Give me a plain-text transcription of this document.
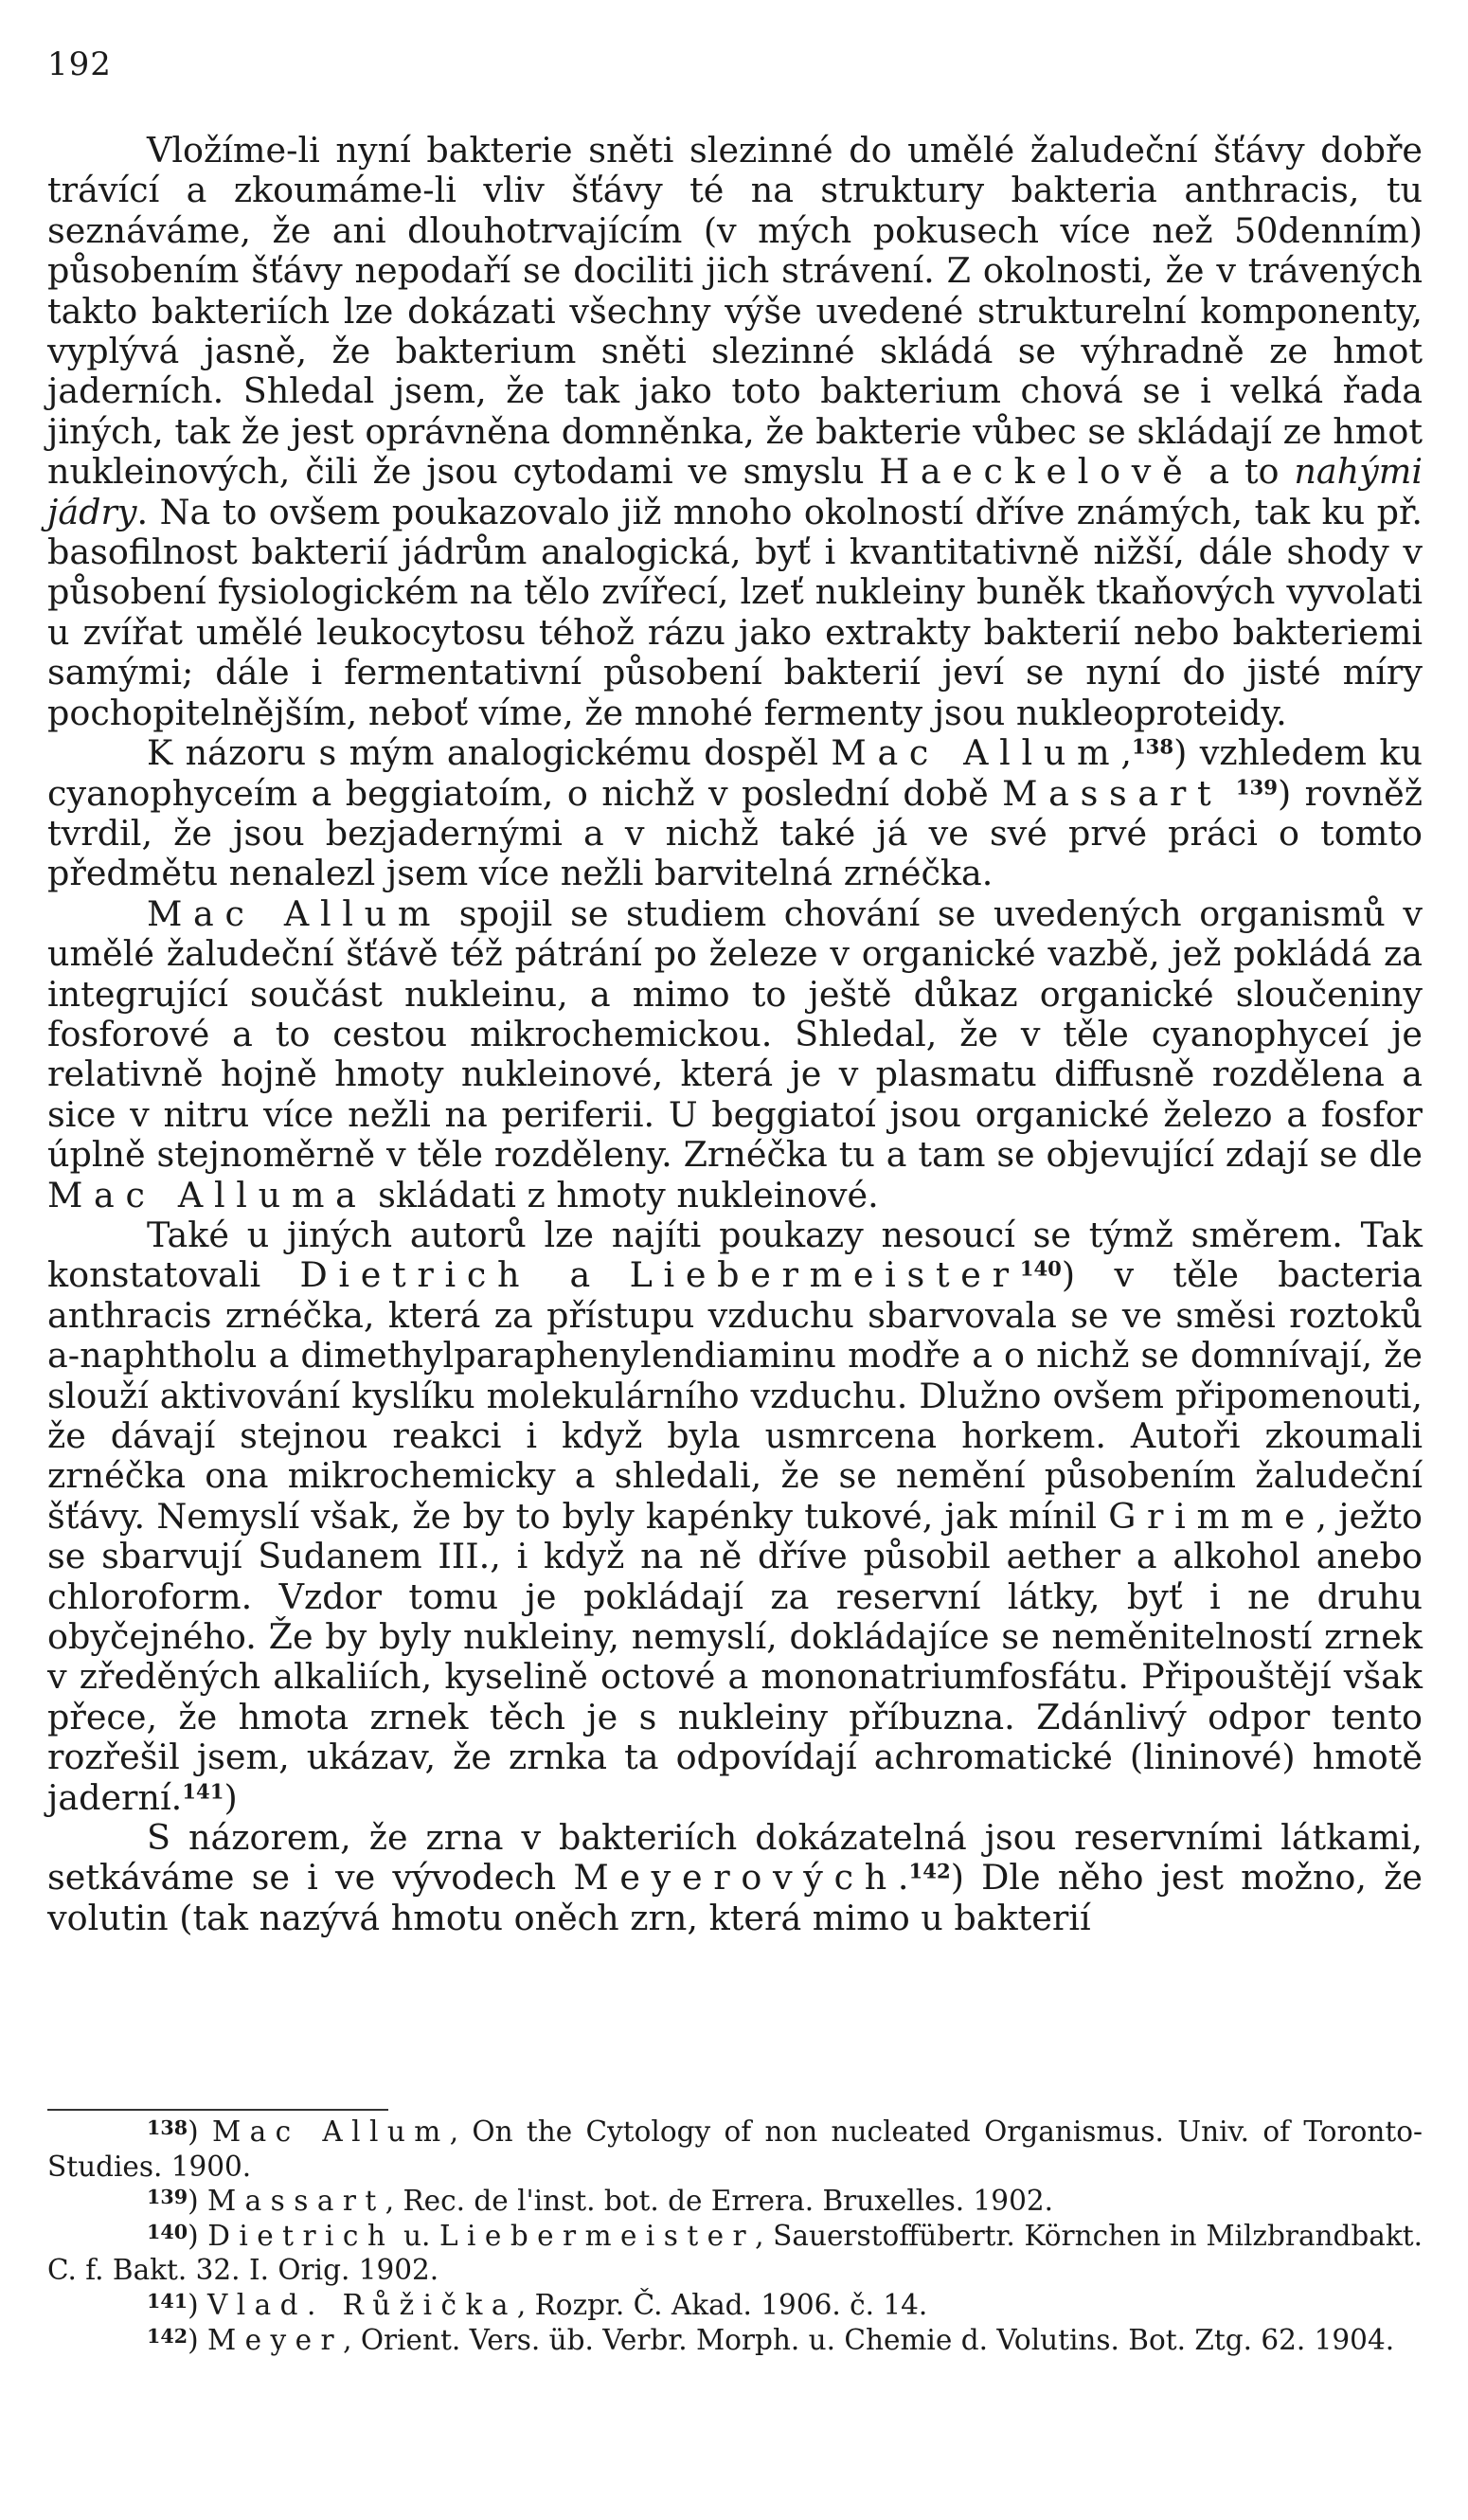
192

Vložíme-li nyní bakterie sněti slezinné do umělé žaludeční šťávy dobře trávící a zkoumáme-li vliv šťávy té na struktury bakteria anthracis, tu seznáváme, že ani dlouhotrvajícím (v mých pokusech více než 50denním) působením šťávy nepodaří se dociliti jich strávení. Z okolnosti, že v trávených takto bakteriích lze dokázati všechny výše uvedené strukturelní komponenty, vyplývá jasně, že bakterium sněti slezinné skládá se výhradně ze hmot jaderních. Shledal jsem, že tak jako toto bakterium chová se i velká řada jiných, tak že jest oprávněna domněnka, že bakterie vůbec se skládají ze hmot nukleinových, čili že jsou cytodami ve smyslu Haeckelově a to nahými jádry. Na to ovšem poukazovalo již mnoho okolností dříve známých, tak ku př. basofilnost bakterií jádrům analogická, byť i kvantitativně nižší, dále shody v působení fysiologickém na tělo zvířecí, lzeť nukleiny buněk tkaňových vyvolati u zvířat umělé leukocytosu téhož rázu jako extrakty bakterií nebo bakteriemi samými; dále i fermentativní působení bakterií jeví se nyní do jisté míry pochopitelnějším, neboť víme, že mnohé fermenty jsou nukleoproteidy.

K názoru s mým analogickému dospěl Mac Allum,$^{138}$) vzhledem ku cyanophyceím a beggiatoím, o nichž v poslední době Massart $^{139}$) rovněž tvrdil, že jsou bezjadernými a v nichž také já ve své prvé práci o tomto předmětu nenalezl jsem více nežli barvitelná zrnéčka.

Mac Allum spojil se studiem chování se uvedených organismů v umělé žaludeční šťávě též pátrání po železe v organické vazbě, jež pokládá za integrující součást nukleinu, a mimo to ještě důkaz organické sloučeniny fosforové a to cestou mikrochemickou. Shledal, že v těle cyanophyceí je relativně hojně hmoty nukleinové, která je v plasmatu diffusně rozdělena a sice v nitru více nežli na periferii. U beggiatoí jsou organické železo a fosfor úplně stejnoměrně v těle rozděleny. Zrnéčka tu a tam se objevující zdají se dle Mac Alluma skládati z hmoty nukleinové.

Také u jiných autorů lze najíti poukazy nesoucí se týmž směrem. Tak konstatovali Dietrich a Liebermeister$^{140}$) v těle bacteria anthracis zrnéčka, která za přístupu vzduchu sbarvovala se ve směsi roztoků a-naphtholu a dimethylparaphenylendiaminu modře a o nichž se domnívají, že slouží aktivování kyslíku molekulárního vzduchu. Dlužno ovšem připomenouti, že dávají stejnou reakci i když byla usmrcena horkem. Autoři zkoumali zrnéčka ona mikrochemicky a shledali, že se nemění působením žaludeční šťávy. Nemyslí však, že by to byly kapénky tukové, jak mínil Grimme, ježto se sbarvují Sudanem III., i když na ně dříve působil aether a alkohol anebo chloroform. Vzdor tomu je pokládají za reservní látky, byť i ne druhu obyčejného. Že by byly nukleiny, nemyslí, dokládajíce se neměnitelností zrnek v zředěných alkaliích, kyselině octové a mononatriumfosfátu. Připouštějí však přece, že hmota zrnek těch je s nukleiny příbuzna. Zdánlivý odpor tento rozřešil jsem, ukázav, že zrnka ta odpovídají achromatické (lininové) hmotě jaderní.$^{141}$)

S názorem, že zrna v bakteriích dokázatelná jsou reservními látkami, setkáváme se i ve vývodech Meyerových.$^{142}$) Dle něho jest možno, že volutin (tak nazývá hmotu oněch zrn, která mimo u bakterií

$^{138}$) Mac Allum, On the Cytology of non nucleated Organismus. Univ. of Toronto-Studies. 1900.

$^{139}$) Massart, Rec. de l'inst. bot. de Errera. Bruxelles. 1902.

$^{140}$) Dietrich u. Liebermeister, Sauerstoffübertr. Körnchen in Milzbrandbakt. C. f. Bakt. 32. I. Orig. 1902.

$^{141}$) Vlad. Růžička, Rozpr. Č. Akad. 1906. č. 14.

$^{142}$) Meyer, Orient. Vers. üb. Verbr. Morph. u. Chemie d. Volutins. Bot. Ztg. 62. 1904.
